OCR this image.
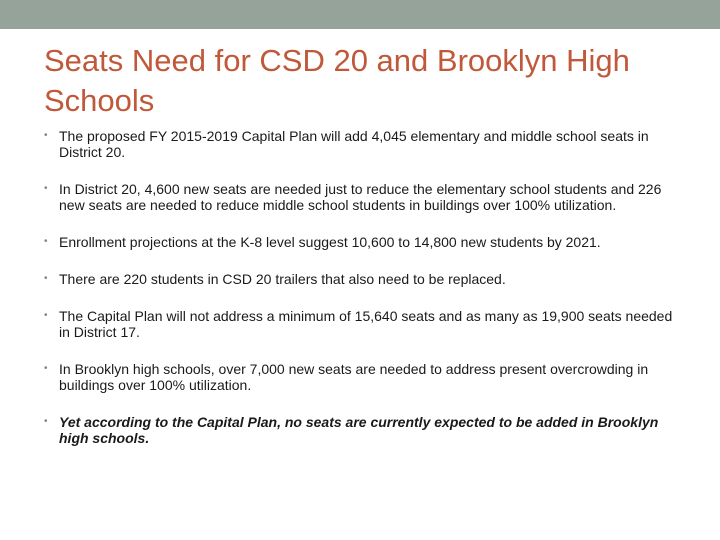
Seats Need for CSD 20 and Brooklyn High Schools
• The proposed FY 2015-2019 Capital Plan will add 4,045 elementary and middle school seats in District 20.
• In District 20, 4,600 new seats are needed just to reduce the elementary school students and 226 new seats are needed to reduce middle school students in buildings over 100% utilization.
• Enrollment projections at the K-8 level suggest 10,600 to 14,800 new students by 2021.
• There are 220 students in CSD 20 trailers that also need to be replaced.
• The Capital Plan will not address a minimum of 15,640 seats and as many as 19,900 seats needed in District 17.
• In Brooklyn high schools, over 7,000 new seats are needed to address present overcrowding in buildings over 100% utilization.
• Yet according to the Capital Plan, no seats are currently expected to be added in Brooklyn high schools.
